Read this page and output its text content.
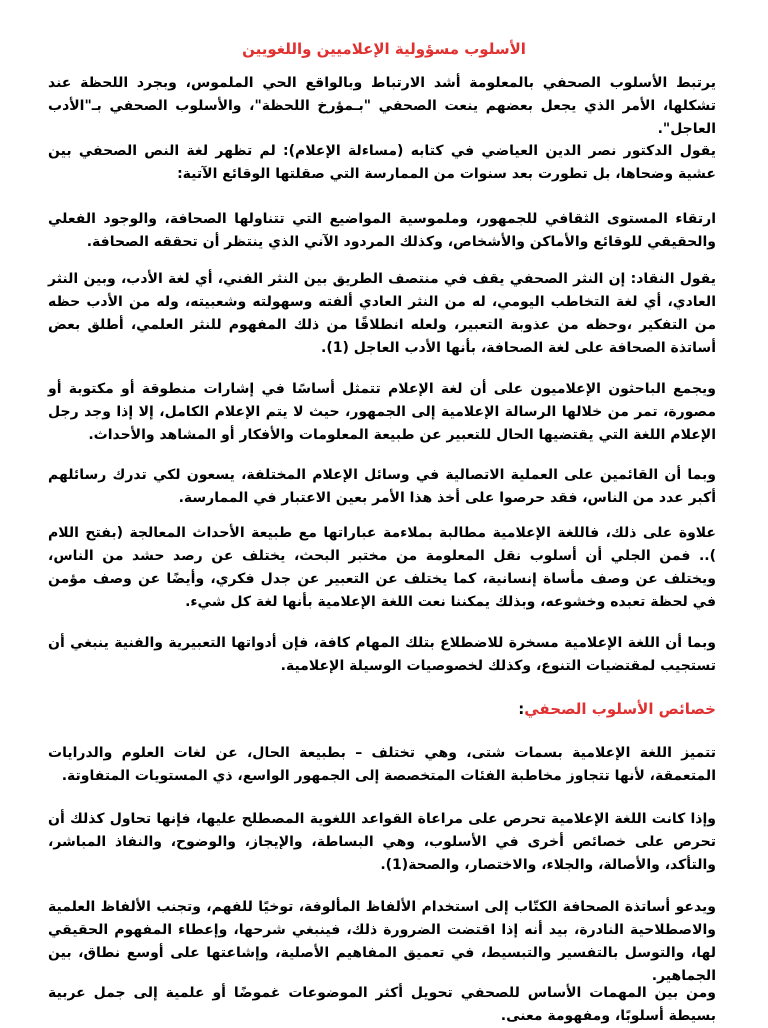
الأسلوب مسؤولية الإعلاميين واللغويين

يرتبط الأسلوب الصحفي بالمعلومة أشد الارتباط وبالواقع الحي الملموس، وبجرد اللحظة عند تشكلها، الأمر الذي يجعل بعضهم ينعت الصحفي "بـمؤرخ اللحظة"، والأسلوب الصحفي بـ"الأدب العاجل".

يقول الدكتور نصر الدين العياضي في كتابه (مساءلة الإعلام): لم تظهر لغة النص الصحفي بين عشية وضحاها، بل تطورت بعد سنوات من الممارسة التي صقلتها الوقائع الآتية:

ارتقاء المستوى الثقافي للجمهور، وملموسية المواضيع التي تتناولها الصحافة، والوجود الفعلي والحقيقي للوقائع والأماكن والأشخاص، وكذلك المردود الآني الذي ينتظر أن تحققه الصحافة.

يقول النقاد: إن النثر الصحفي يقف في منتصف الطريق بين النثر الفني، أي لغة الأدب، وبين النثر العادي، أي لغة التخاطب اليومي، له من النثر العادي ألفته وسهولته وشعبيته، وله من الأدب حظه من التفكير ،وحظه من عذوبة التعبير، ولعله انطلاقًا من ذلك المفهوم للنثر العلمي، أطلق بعض أساتذة الصحافة على لغة الصحافة، بأنها الأدب العاجل (1).

ويجمع الباحثون الإعلاميون على أن لغة الإعلام تتمثل أساسًا في إشارات منطوقة أو مكتوبة أو مصورة، تمر من خلالها الرسالة الإعلامية إلى الجمهور، حيث لا يتم الإعلام الكامل، إلا إذا وجد رجل الإعلام اللغة التي يقتضيها الحال للتعبير عن طبيعة المعلومات والأفكار أو المشاهد والأحداث.

وبما أن القائمين على العملية الاتصالية في وسائل الإعلام المختلفة، يسعون لكي تدرك رسائلهم أكبر عدد من الناس، فقد حرصوا على أخذ هذا الأمر بعين الاعتبار في الممارسة.

علاوة على ذلك، فاللغة الإعلامية مطالبة بملاءمة عباراتها مع طبيعة الأحداث المعالجة (بفتح اللام ).. فمن الجلي أن أسلوب نقل المعلومة من مختبر البحث، يختلف عن رصد حشد من الناس، ويختلف عن وصف مأساة إنسانية، كما يختلف عن التعبير عن جدل فكري، وأيضًا عن وصف مؤمن في لحظة تعبده وخشوعه، وبذلك يمكننا نعت اللغة الإعلامية بأنها لغة كل شيء.

وبما أن اللغة الإعلامية مسخرة للاضطلاع بتلك المهام كافة، فإن أدواتها التعبيرية والفنية ينبغي أن تستجيب لمقتضيات التنوع، وكذلك لخصوصيات الوسيلة الإعلامية.

خصائص الأسلوب الصحفي:

تتميز اللغة الإعلامية بسمات شتى، وهي تختلف – بطبيعة الحال، عن لغات العلوم والدرايات المتعمقة، لأنها تتجاوز مخاطبة الفئات المتخصصة إلى الجمهور الواسع، ذي المستويات المتفاوتة.

وإذا كانت اللغة الإعلامية تحرص على مراعاة القواعد اللغوية المصطلح عليها، فإنها تحاول كذلك أن تحرص على خصائص أخرى في الأسلوب، وهي البساطة، والإيجاز، والوضوح، والنفاذ المباشر، والتأكد، والأصالة، والجلاء، والاختصار، والصحة(1).

ويدعو أساتذة الصحافة الكتّاب إلى استخدام الألفاظ المألوفة، توخيًا للفهم، وتجنب الألفاظ العلمية والاصطلاحية النادرة، بيد أنه إذا اقتضت الضرورة ذلك، فينبغي شرحها، وإعطاء المفهوم الحقيقي لها، والتوسل بالتفسير والتبسيط، في تعميق المفاهيم الأصلية، وإشاعتها على أوسع نطاق، بين الجماهير.

ومن بين المهمات الأساس للصحفي تحويل أكثر الموضوعات غموضًا أو علمية إلى جمل عربية بسيطة أسلوبًا، ومفهومة معنى.
